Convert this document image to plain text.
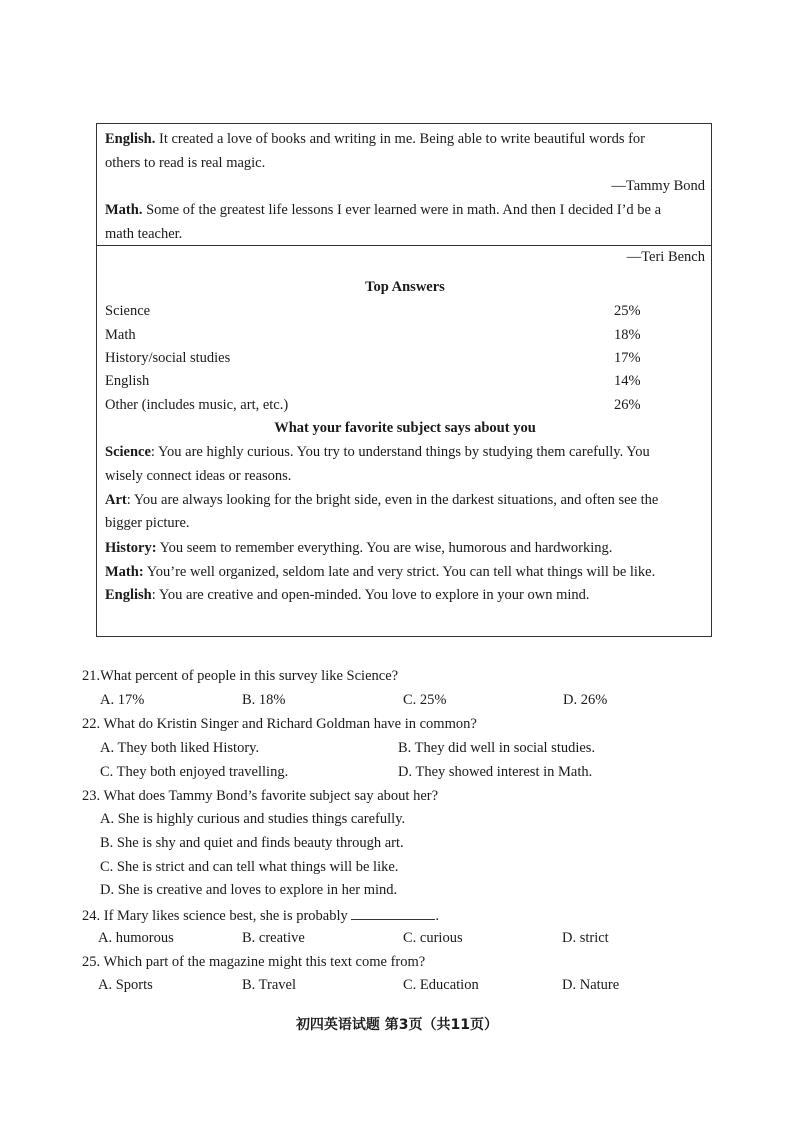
English. It created a love of books and writing in me. Being able to write beautiful words for
others to read is real magic.
—Tammy Bond
Math. Some of the greatest life lessons I ever learned were in math. And then I decided I’d be a
math teacher.
—Teri Bench
Top Answers
Science	25%
Math	18%
History/social studies	17%
English	14%
Other (includes music, art, etc.)	26%
What your favorite subject says about you
Science: You are highly curious. You try to understand things by studying them carefully. You
wisely connect ideas or reasons.
Art: You are always looking for the bright side, even in the darkest situations, and often see the
bigger picture.
History: You seem to remember everything. You are wise, humorous and hardworking.
Math: You’re well organized, seldom late and very strict. You can tell what things will be like.
English: You are creative and open-minded. You love to explore in your own mind.
21.What percent of people in this survey like Science?
A. 17%	B. 18%	C. 25%	D. 26%
22. What do Kristin Singer and Richard Goldman have in common?
A. They both liked History.	B. They did well in social studies.
C. They both enjoyed travelling.	D. They showed interest in Math.
23. What does Tammy Bond’s favorite subject say about her?
A. She is highly curious and studies things carefully.
B. She is shy and quiet and finds beauty through art.
C. She is strict and can tell what things will be like.
D. She is creative and loves to explore in her mind.
24. If Mary likes science best, she is probably	.
A. humorous	B. creative	C. curious	D. strict
25. Which part of the magazine might this text come from?
A. Sports	B. Travel	C. Education	D. Nature
初四英语试题 第3页（共11页）
